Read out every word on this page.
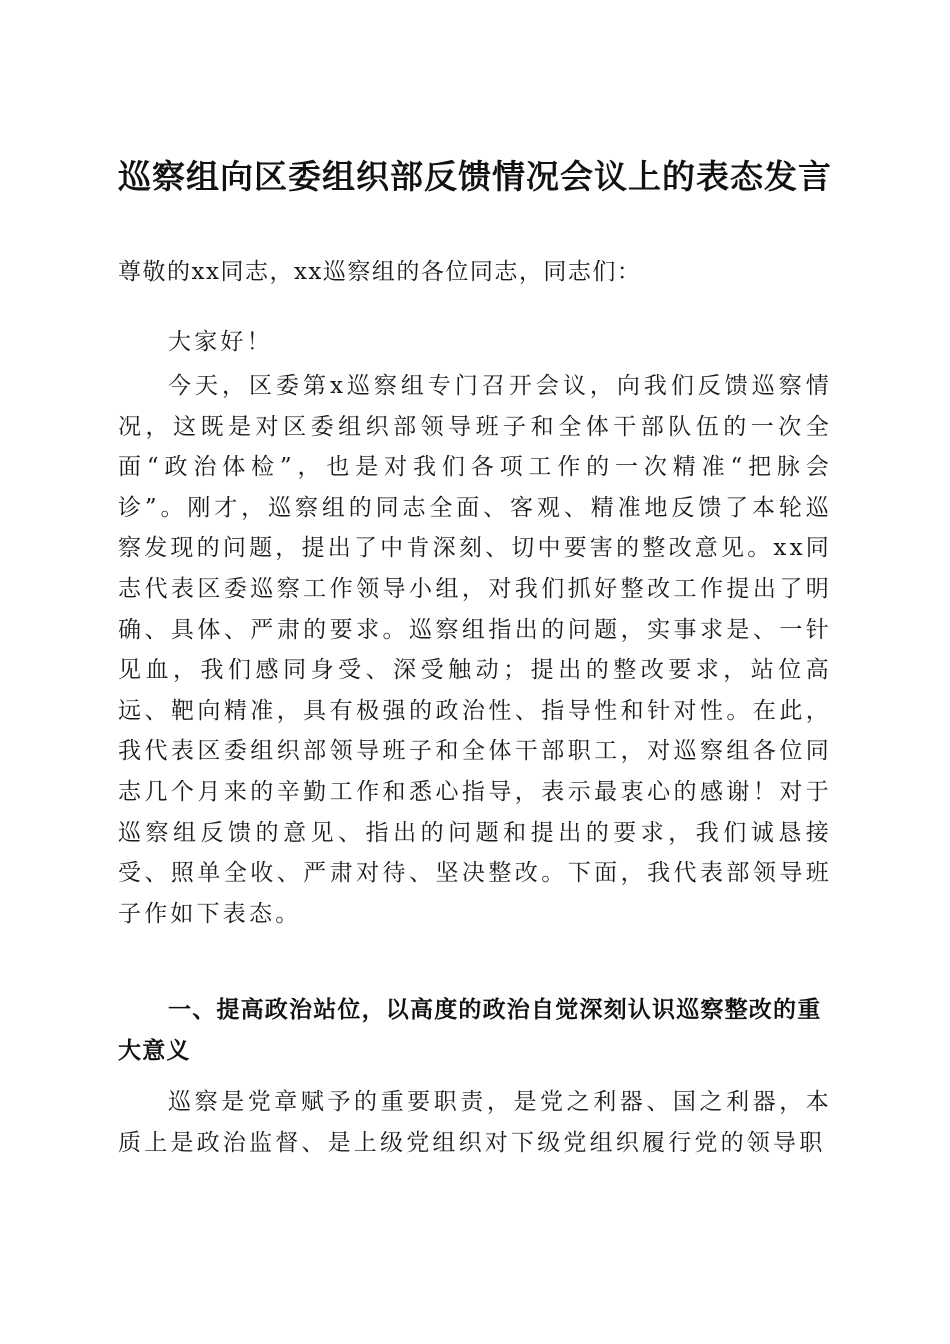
巡察组向区委组织部反馈情况会议上的表态发言

尊敬的xx同志，xx巡察组的各位同志，同志们：

大家好！

今天，区委第x巡察组专门召开会议，向我们反馈巡察情况，这既是对区委组织部领导班子和全体干部队伍的一次全面“政治体检”，也是对我们各项工作的一次精准“把脉会诊”。刚才，巡察组的同志全面、客观、精准地反馈了本轮巡察发现的问题，提出了中肯深刻、切中要害的整改意见。xx同志代表区委巡察工作领导小组，对我们抓好整改工作提出了明确、具体、严肃的要求。巡察组指出的问题，实事求是、一针见血，我们感同身受、深受触动；提出的整改要求，站位高远、靶向精准，具有极强的政治性、指导性和针对性。在此，我代表区委组织部领导班子和全体干部职工，对巡察组各位同志几个月来的辛勤工作和悉心指导，表示最衷心的感谢！对于巡察组反馈的意见、指出的问题和提出的要求，我们诚恳接受、照单全收、严肃对待、坚决整改。下面，我代表部领导班子作如下表态。

一、提高政治站位，以高度的政治自觉深刻认识巡察整改的重大意义

巡察是党章赋予的重要职责，是党之利器、国之利器，本质上是政治监督、是上级党组织对下级党组织履行党的领导职
